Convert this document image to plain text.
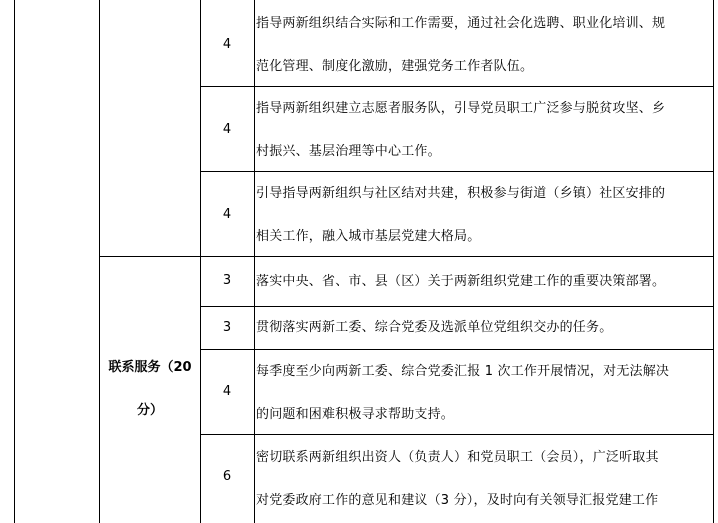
4
指导两新组织结合实际和工作需要，通过社会化选聘、职业化培训、规
范化管理、制度化激励，建强党务工作者队伍。
4
指导两新组织建立志愿者服务队，引导党员职工广泛参与脱贫攻坚、乡
村振兴、基层治理等中心工作。
4
引导指导两新组织与社区结对共建，积极参与街道（乡镇）社区安排的
相关工作，融入城市基层党建大格局。
联系服务（20
分）
3	落实中央、省、市、县（区）关于两新组织党建工作的重要决策部署。
3	贯彻落实两新工委、综合党委及选派单位党组织交办的任务。
4
每季度至少向两新工委、综合党委汇报 1 次工作开展情况，对无法解决
的问题和困难积极寻求帮助支持。
6
密切联系两新组织出资人（负责人）和党员职工（会员），广泛听取其
对党委政府工作的意见和建议（3 分），及时向有关领导汇报党建工作
